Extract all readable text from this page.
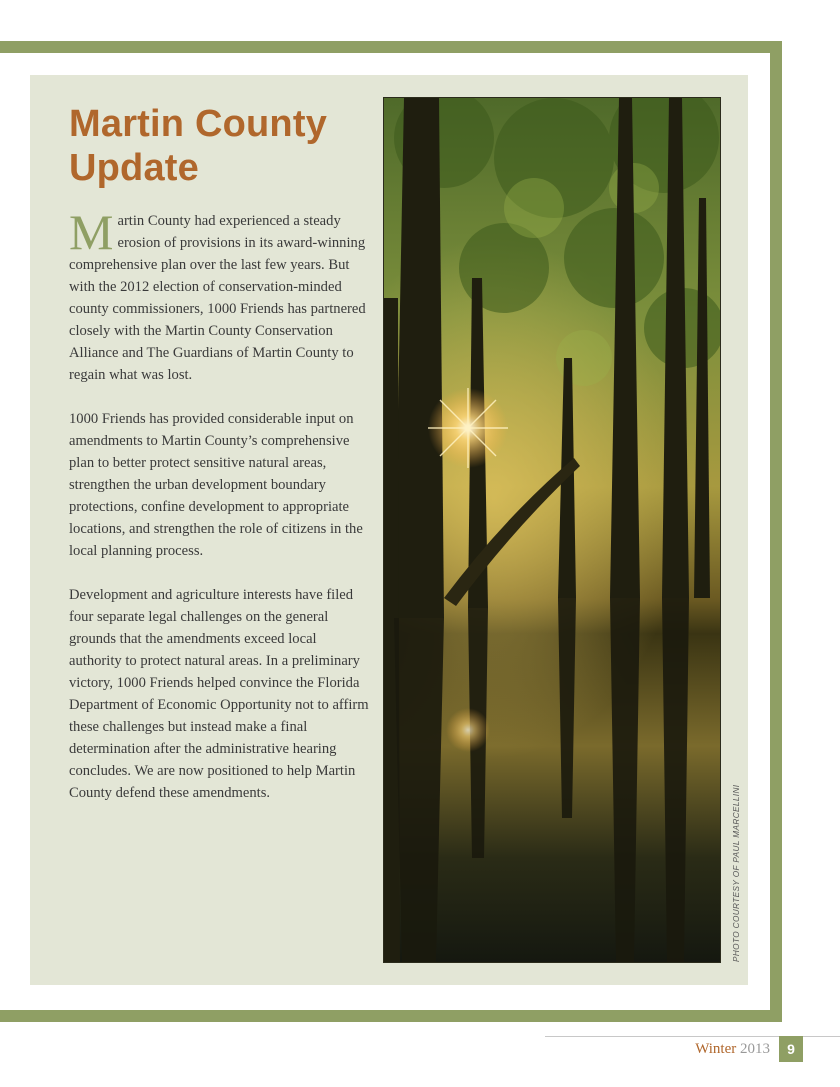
Martin County
Update

Martin County had experienced a steady erosion of provisions in its award-winning comprehensive plan over the last few years. But with the 2012 election of conservation-minded county commissioners, 1000 Friends has partnered closely with the Martin County Conservation Alliance and The Guardians of Martin County to regain what was lost.

1000 Friends has provided considerable input on amendments to Martin County’s comprehensive plan to better protect sensitive natural areas, strengthen the urban development boundary protections, confine development to appropriate locations, and strengthen the role of citizens in the local planning process.

Development and agriculture interests have filed four separate legal challenges on the general grounds that the amendments exceed local authority to protect natural areas. In a preliminary victory, 1000 Friends helped convince the Florida Department of Economic Opportunity not to affirm these challenges but instead make a final determination after the administrative hearing concludes. We are now positioned to help Martin County defend these amendments.	PHOTO COURTESY OF PAUL MARCELLINI
Winter 2013	9
